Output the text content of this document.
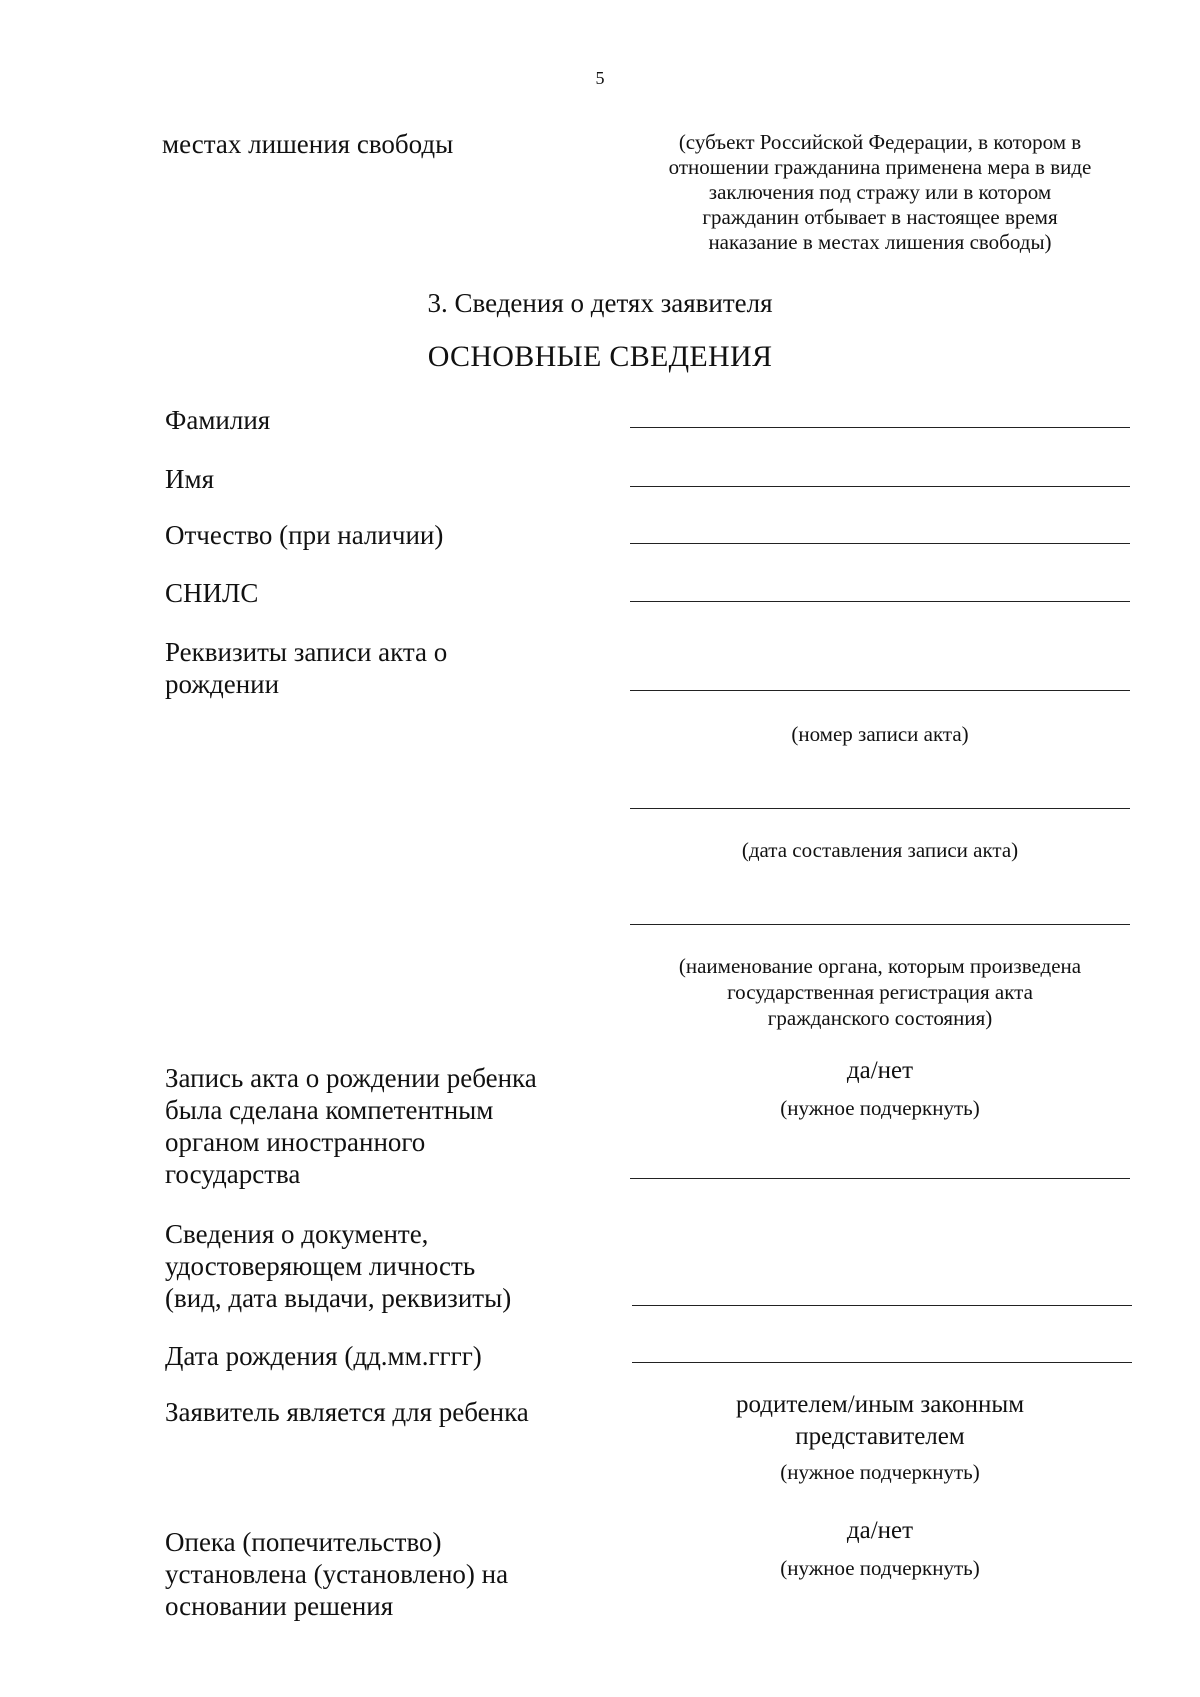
5
местах лишения свободы	(субъект Российской Федерации, в котором в
отношении гражданина применена мера в виде
заключения под стражу или в котором
гражданин отбывает в настоящее время
наказание в местах лишения свободы)
3. Сведения о детях заявителя
ОСНОВНЫЕ СВЕДЕНИЯ
Фамилия
Имя
Отчество (при наличии)
СНИЛС
Реквизиты записи акта о
рождении
(номер записи акта)
(дата составления записи акта)
(наименование органа, которым произведена
государственная регистрация акта
гражданского состояния)
Запись акта о рождении ребенка
была сделана компетентным
органом иностранного
государства
да/нет
(нужное подчеркнуть)
Сведения о документе,
удостоверяющем личность
(вид, дата выдачи, реквизиты)
Дата рождения (дд.мм.гггг)
Заявитель является для ребенка	родителем/иным законным
представителем
(нужное подчеркнуть)
Опека (попечительство)
установлена (установлено) на
основании решения
да/нет
(нужное подчеркнуть)
